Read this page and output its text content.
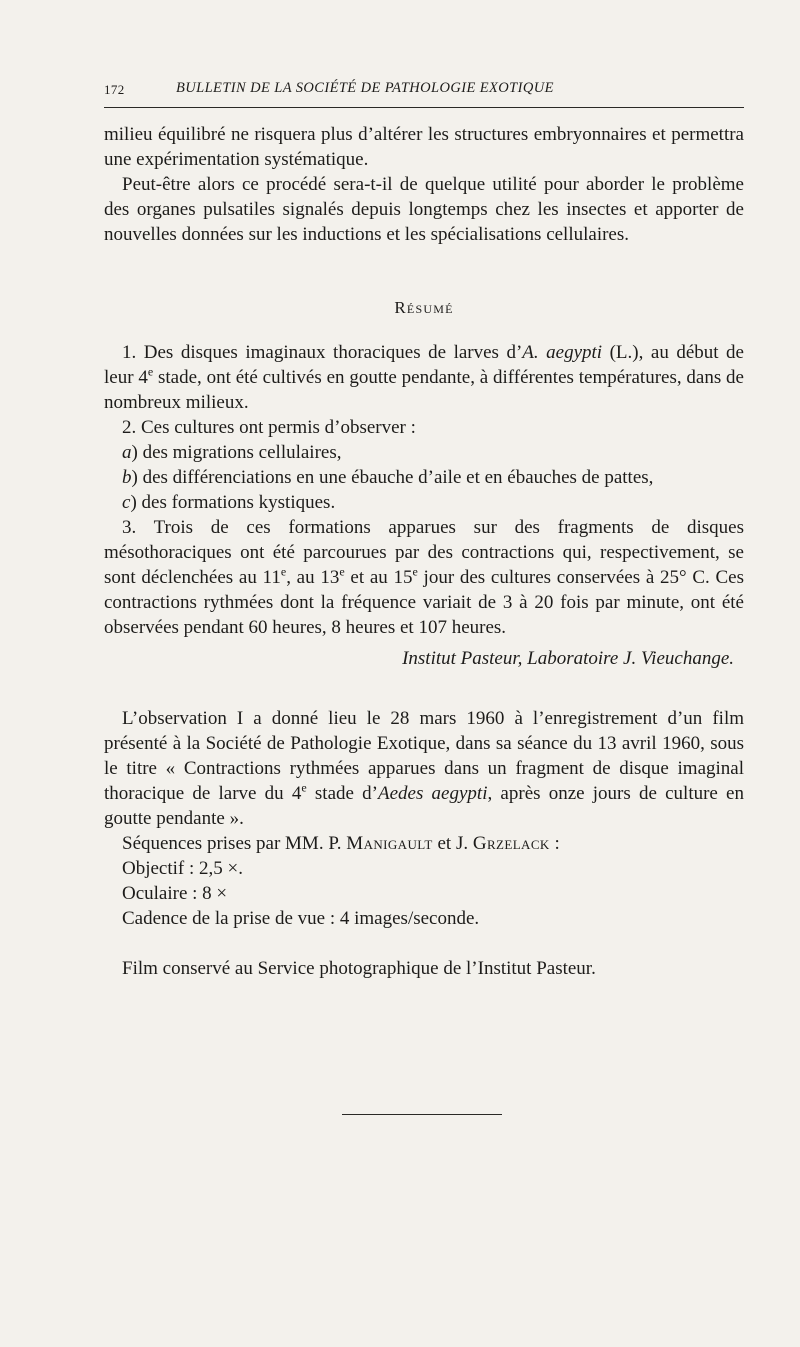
172	BULLETIN DE LA SOCIÉTÉ DE PATHOLOGIE EXOTIQUE

milieu équilibré ne risquera plus d’altérer les structures embryonnaires et permettra une expérimentation systématique.

Peut-être alors ce procédé sera-t-il de quelque utilité pour aborder le problème des organes pulsatiles signalés depuis longtemps chez les insectes et apporter de nouvelles données sur les inductions et les spécialisations cellulaires.

Résumé

1. Des disques imaginaux thoraciques de larves d’A. aegypti (L.), au début de leur 4e stade, ont été cultivés en goutte pendante, à différentes températures, dans de nombreux milieux.

2. Ces cultures ont permis d’observer :

a) des migrations cellulaires,

b) des différenciations en une ébauche d’aile et en ébauches de pattes,

c) des formations kystiques.

3. Trois de ces formations apparues sur des fragments de disques mésothoraciques ont été parcourues par des contractions qui, respectivement, se sont déclenchées au 11e, au 13e et au 15e jour des cultures conservées à 25° C. Ces contractions rythmées dont la fréquence variait de 3 à 20 fois par minute, ont été observées pendant 60 heures, 8 heures et 107 heures.

Institut Pasteur, Laboratoire J. Vieuchange.

L’observation I a donné lieu le 28 mars 1960 à l’enregistrement d’un film présenté à la Société de Pathologie Exotique, dans sa séance du 13 avril 1960, sous le titre « Contractions rythmées apparues dans un fragment de disque imaginal thoracique de larve du 4e stade d’Aedes aegypti, après onze jours de culture en goutte pendante ».

Séquences prises par MM. P. Manigault et J. Grzelack :

Objectif : 2,5 ×.

Oculaire : 8 ×

Cadence de la prise de vue : 4 images/seconde.

Film conservé au Service photographique de l’Institut Pasteur.
